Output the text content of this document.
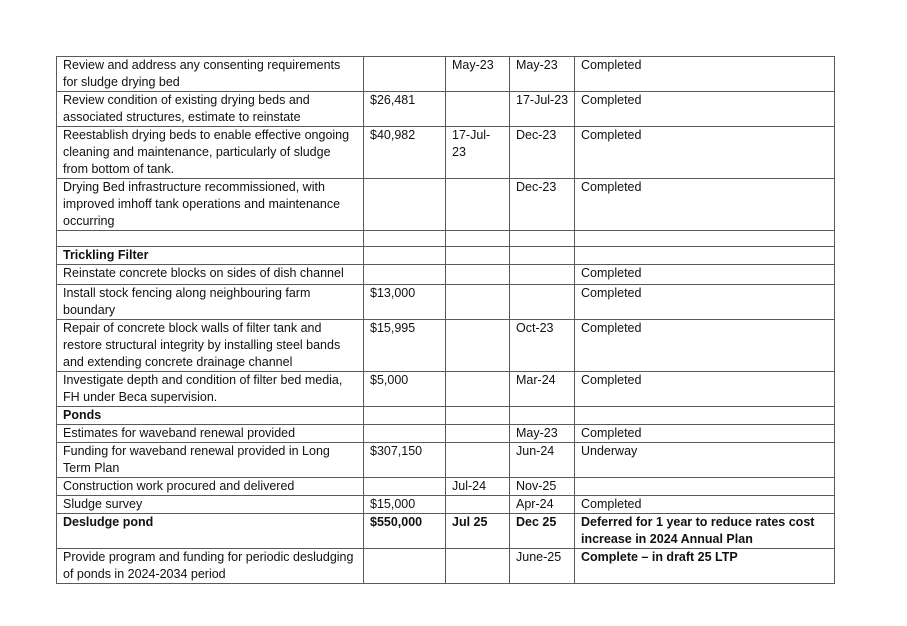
Review and address any consenting requirements for sludge drying bed		May-23	May-23	Completed
Review condition of existing drying beds and associated structures, estimate to reinstate	$26,481		17-Jul-23	Completed
Reestablish drying beds to enable effective ongoing cleaning and maintenance, particularly of sludge from bottom of tank.	$40,982	17-Jul-23	Dec-23	Completed
Drying Bed infrastructure recommissioned, with improved imhoff tank operations and maintenance occurring			Dec-23	Completed

Trickling Filter				
Reinstate concrete blocks on sides of dish channel				Completed
Install stock fencing along neighbouring farm boundary	$13,000			Completed
Repair of concrete block walls of filter tank and restore structural integrity by installing steel bands and extending concrete drainage channel	$15,995		Oct-23	Completed
Investigate depth and condition of filter bed media, FH under Beca supervision.	$5,000		Mar-24	Completed
Ponds				
Estimates for waveband renewal provided			May-23	Completed
Funding for waveband renewal provided in Long Term Plan	$307,150		Jun-24	Underway
Construction work procured and delivered		Jul-24	Nov-25	
Sludge survey	$15,000		Apr-24	Completed
Desludge pond	$550,000	Jul 25	Dec 25	Deferred for 1 year to reduce rates cost increase in 2024 Annual Plan
Provide program and funding for periodic desludging of ponds in 2024-2034 period			June-25	Complete – in draft 25 LTP
